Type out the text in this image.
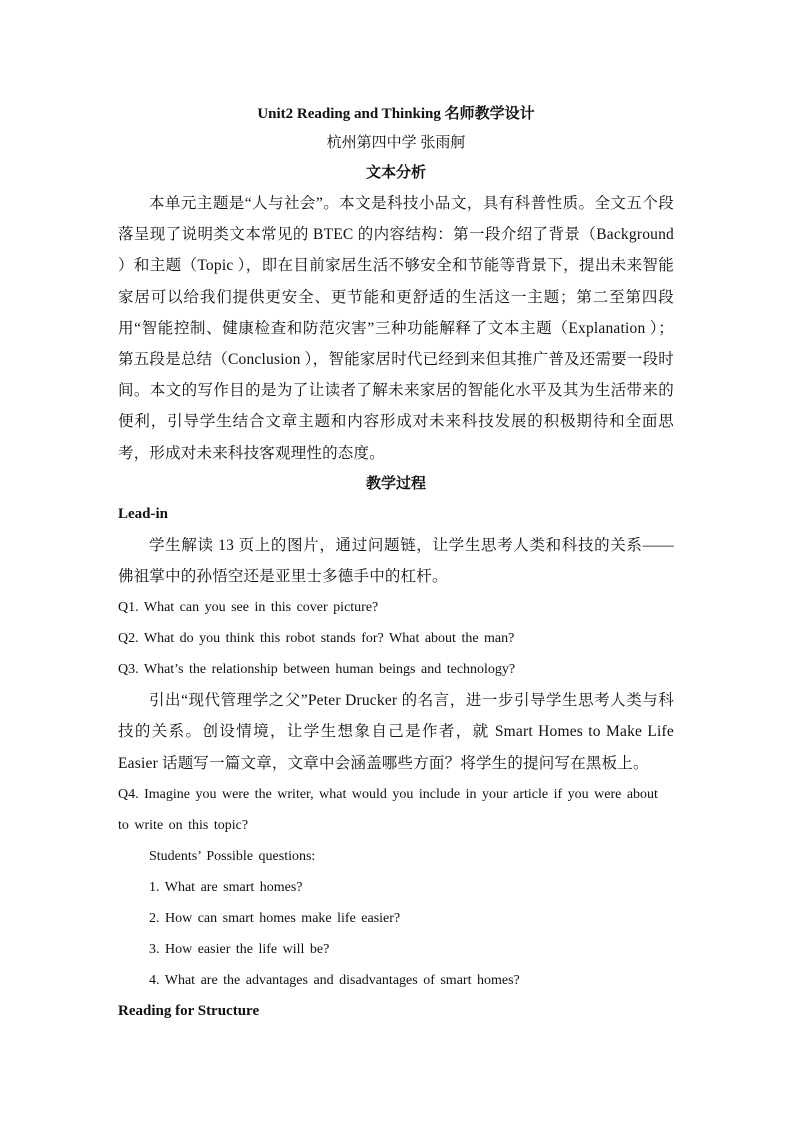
Unit2 Reading and Thinking 名师教学设计
杭州第四中学 张雨舸
文本分析

本单元主题是“人与社会”。本文是科技小品文，具有科普性质。全文五个段落呈现了说明类文本常见的 BTEC 的内容结构：第一段介绍了背景（Background ）和主题（Topic ），即在目前家居生活不够安全和节能等背景下，提出未来智能家居可以给我们提供更安全、更节能和更舒适的生活这一主题；第二至第四段用“智能控制、健康检查和防范灾害”三种功能解释了文本主题（Explanation ）；第五段是总结（Conclusion ），智能家居时代已经到来但其推广普及还需要一段时间。本文的写作目的是为了让读者了解未来家居的智能化水平及其为生活带来的便利，引导学生结合文章主题和内容形成对未来科技发展的积极期待和全面思考，形成对未来科技客观理性的态度。

教学过程
Lead-in

学生解读 13 页上的图片，通过问题链，让学生思考人类和科技的关系——佛祖掌中的孙悟空还是亚里士多德手中的杠杆。

Q1. What can you see in this cover picture?

Q2. What do you think this robot stands for? What about the man?

Q3. What’s the relationship between human beings and technology?

引出“现代管理学之父”Peter Drucker 的名言，进一步引导学生思考人类与科技的关系。创设情境，让学生想象自己是作者，就 Smart Homes to Make Life Easier 话题写一篇文章，文章中会涵盖哪些方面？将学生的提问写在黑板上。

Q4. Imagine you were the writer, what would you include in your article if you were about to write on this topic?

Students’ Possible questions:

1. What are smart homes?

2. How can smart homes make life easier?

3. How easier the life will be?

4. What are the advantages and disadvantages of smart homes?

Reading for Structure
